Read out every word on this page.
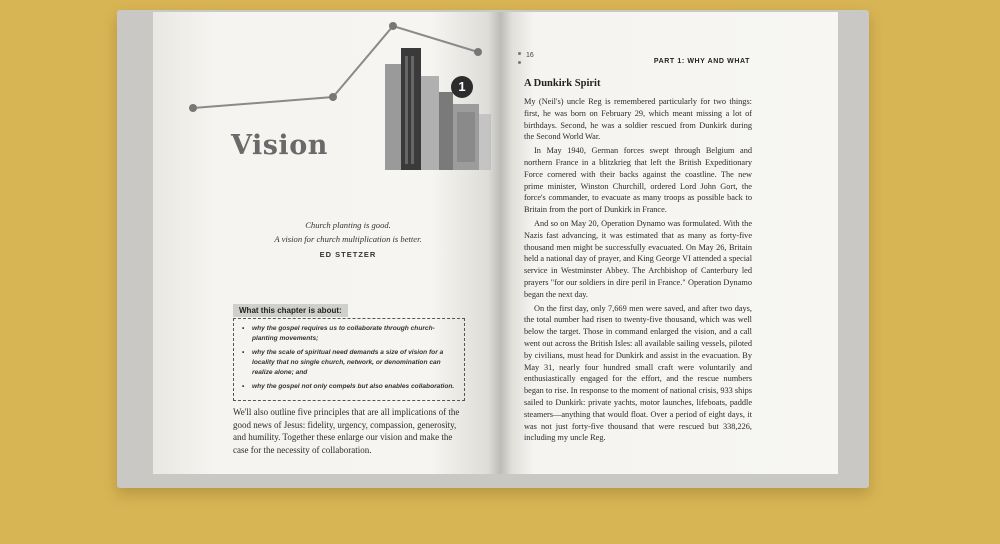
1
Vision
Church planting is good.
A vision for church multiplication is better.
ED STETZER
What this chapter is about:
• why the gospel requires us to collaborate through church-planting movements;
• why the scale of spiritual need demands a size of vision for a locality that no single church, network, or denomination can realize alone; and
• why the gospel not only compels but also enables collaboration.
We'll also outline five principles that are all implications of the good news of Jesus: fidelity, urgency, compassion, generosity, and humility. Together these enlarge our vision and make the case for the necessity of collaboration.
16
PART 1: WHY AND WHAT
A Dunkirk Spirit

My (Neil's) uncle Reg is remembered particularly for two things: first, he was born on February 29, which meant missing a lot of birthdays. Second, he was a soldier rescued from Dunkirk during the Second World War.

In May 1940, German forces swept through Belgium and northern France in a blitzkrieg that left the British Expeditionary Force cornered with their backs against the coastline. The new prime minister, Winston Churchill, ordered Lord John Gort, the force's commander, to evacuate as many troops as possible back to Britain from the port of Dunkirk in France.

And so on May 20, Operation Dynamo was formulated. With the Nazis fast advancing, it was estimated that as many as forty-five thousand men might be successfully evacuated. On May 26, Britain held a national day of prayer, and King George VI attended a special service in Westminster Abbey. The Archbishop of Canterbury led prayers "for our soldiers in dire peril in France." Operation Dynamo began the next day.

On the first day, only 7,669 men were saved, and after two days, the total number had risen to twenty-five thousand, which was well below the target. Those in command enlarged the vision, and a call went out across the British Isles: all available sailing vessels, piloted by civilians, must head for Dunkirk and assist in the evacuation. By May 31, nearly four hundred small craft were voluntarily and enthusiastically engaged for the effort, and the rescue numbers began to rise. In response to the moment of national crisis, 933 ships sailed to Dunkirk: private yachts, motor launches, lifeboats, paddle steamers—anything that would float. Over a period of eight days, it was not just forty-five thousand that were rescued but 338,226, including my uncle Reg.
